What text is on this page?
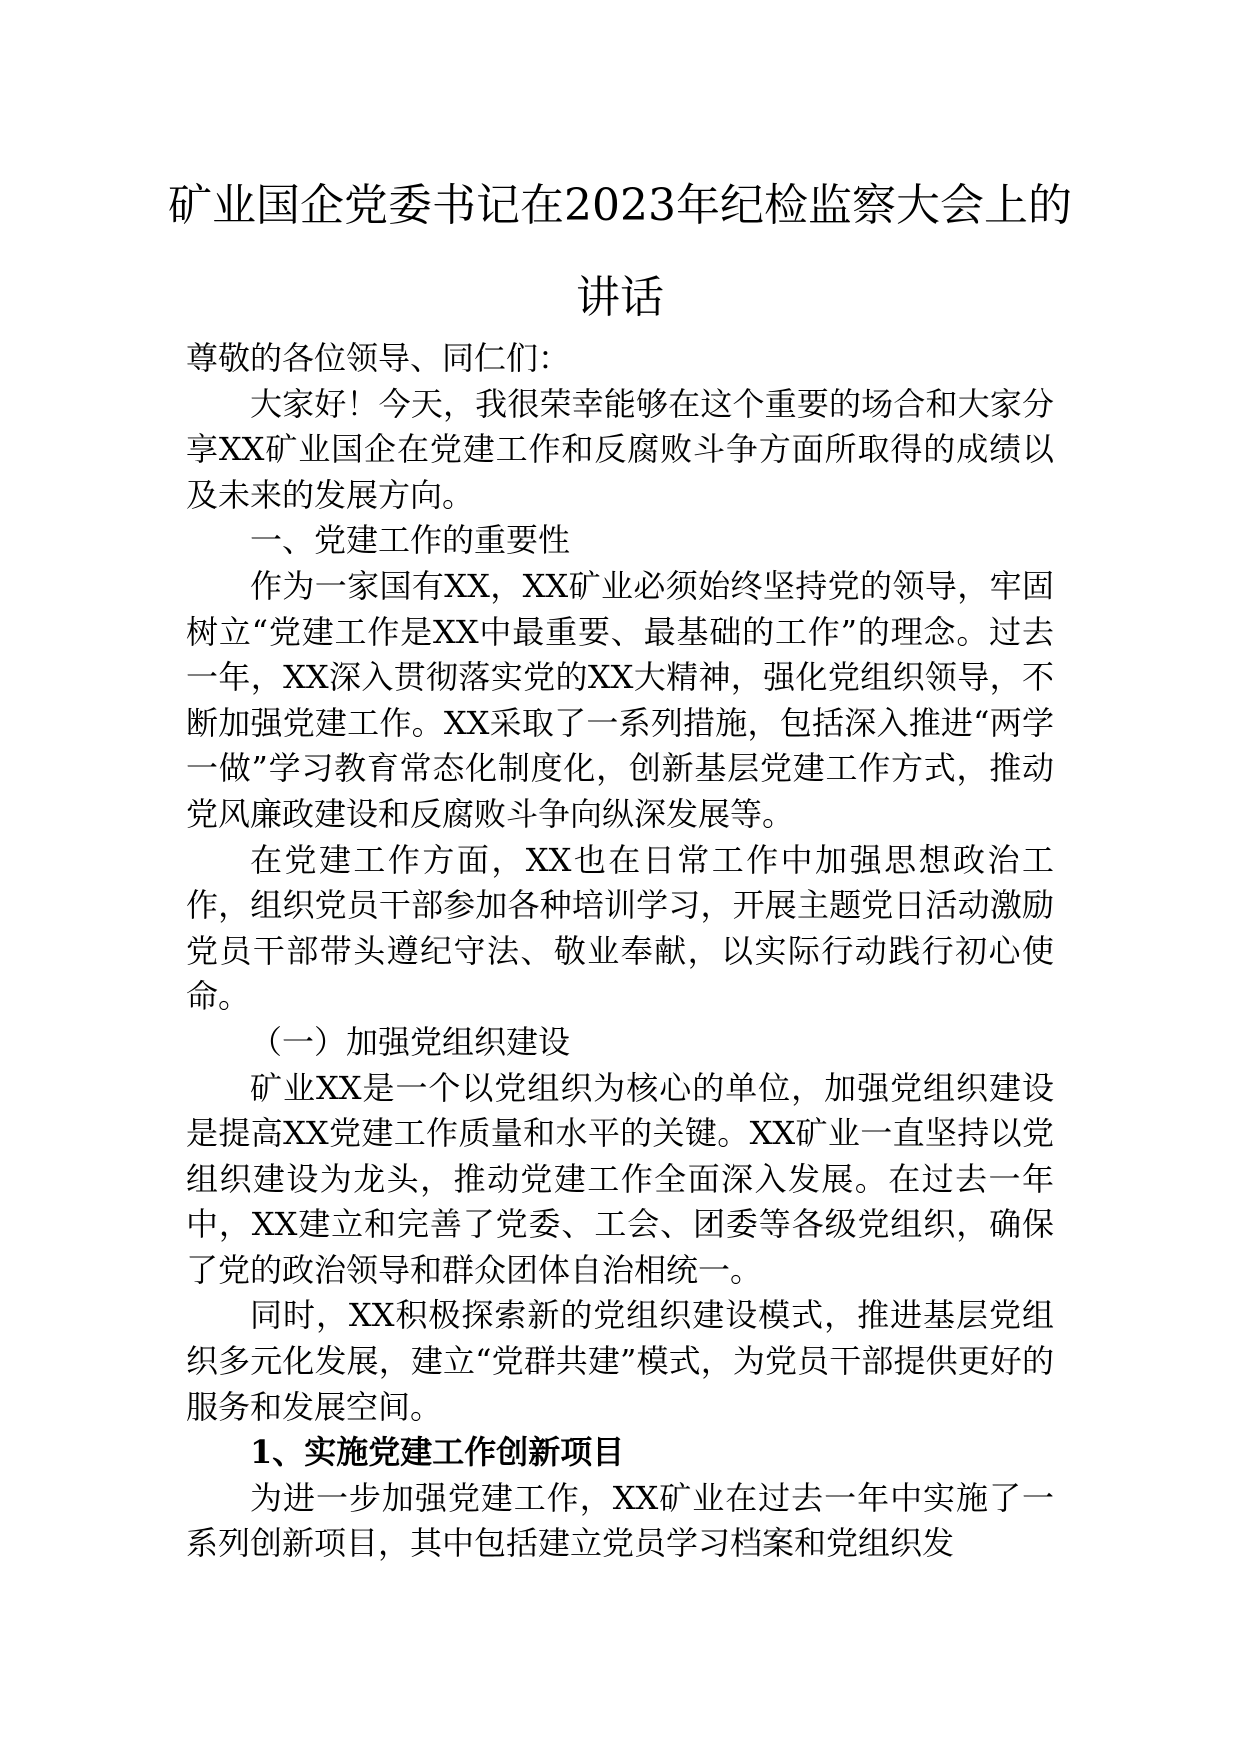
矿业国企党委书记在2023年纪检监察大会上的讲话

尊敬的各位领导、同仁们：

大家好！今天，我很荣幸能够在这个重要的场合和大家分享XX矿业国企在党建工作和反腐败斗争方面所取得的成绩以及未来的发展方向。

一、党建工作的重要性

作为一家国有XX，XX矿业必须始终坚持党的领导，牢固树立“党建工作是XX中最重要、最基础的工作”的理念。过去一年，XX深入贯彻落实党的XX大精神，强化党组织领导，不断加强党建工作。XX采取了一系列措施，包括深入推进“两学一做”学习教育常态化制度化，创新基层党建工作方式，推动党风廉政建设和反腐败斗争向纵深发展等。

在党建工作方面，XX也在日常工作中加强思想政治工作，组织党员干部参加各种培训学习，开展主题党日活动激励党员干部带头遵纪守法、敬业奉献，以实际行动践行初心使命。

（一）加强党组织建设

矿业XX是一个以党组织为核心的单位，加强党组织建设是提高XX党建工作质量和水平的关键。XX矿业一直坚持以党组织建设为龙头，推动党建工作全面深入发展。在过去一年中，XX建立和完善了党委、工会、团委等各级党组织，确保了党的政治领导和群众团体自治相统一。

同时，XX积极探索新的党组织建设模式，推进基层党组织多元化发展，建立“党群共建”模式，为党员干部提供更好的服务和发展空间。

1、实施党建工作创新项目

为进一步加强党建工作，XX矿业在过去一年中实施了一系列创新项目，其中包括建立党员学习档案和党组织发
